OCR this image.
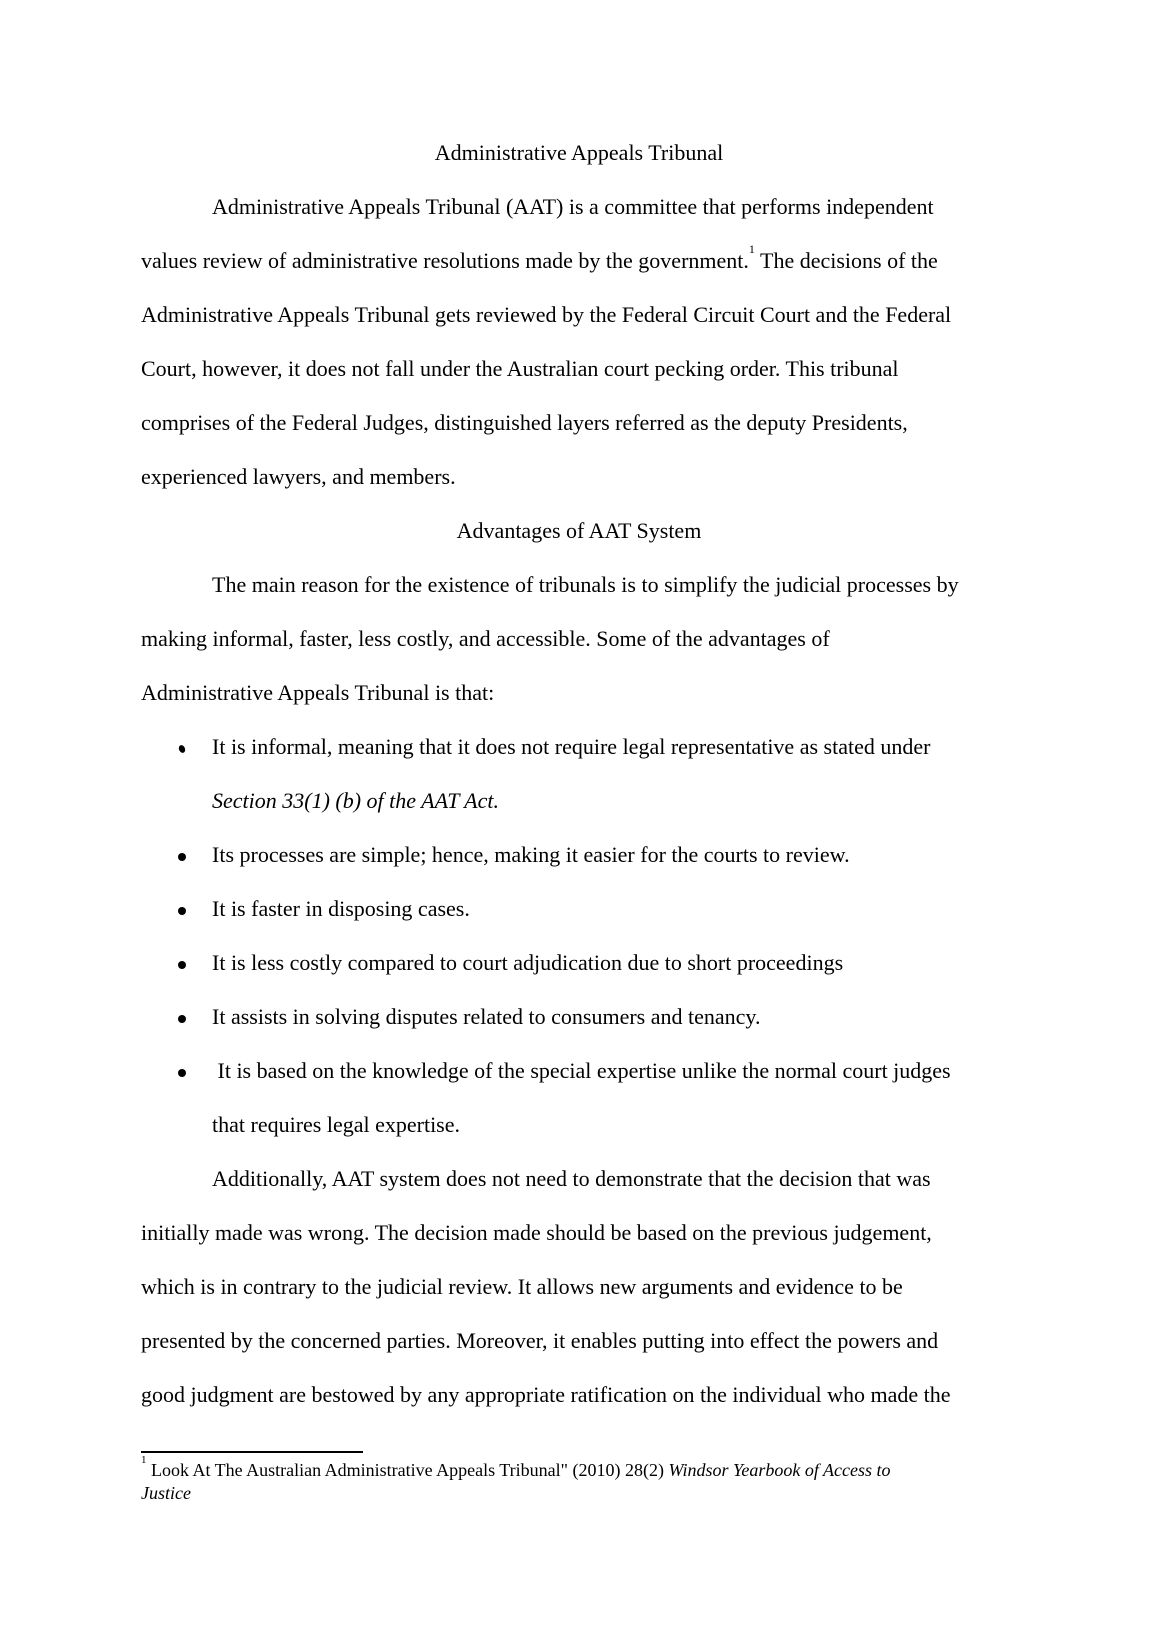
Administrative Appeals Tribunal
Administrative Appeals Tribunal (AAT) is a committee that performs independent
values review of administrative resolutions made by the government.$^1$ The decisions of the
Administrative Appeals Tribunal gets reviewed by the Federal Circuit Court and the Federal
Court, however, it does not fall under the Australian court pecking order. This tribunal
comprises of the Federal Judges, distinguished layers referred as the deputy Presidents,
experienced lawyers, and members.
Advantages of AAT System
The main reason for the existence of tribunals is to simplify the judicial processes by
making informal, faster, less costly, and accessible. Some of the advantages of
Administrative Appeals Tribunal is that:
It is informal, meaning that it does not require legal representative as stated under
Section 33(1) (b) of the AAT Act.
Its processes are simple; hence, making it easier for the courts to review.
It is faster in disposing cases.
It is less costly compared to court adjudication due to short proceedings
It assists in solving disputes related to consumers and tenancy.
It is based on the knowledge of the special expertise unlike the normal court judges
that requires legal expertise.
Additionally, AAT system does not need to demonstrate that the decision that was
initially made was wrong. The decision made should be based on the previous judgement,
which is in contrary to the judicial review. It allows new arguments and evidence to be
presented by the concerned parties. Moreover, it enables putting into effect the powers and
good judgment are bestowed by any appropriate ratification on the individual who made the
$^1$ Look At The Australian Administrative Appeals Tribunal" (2010) 28(2) Windsor Yearbook of Access to
Justice
